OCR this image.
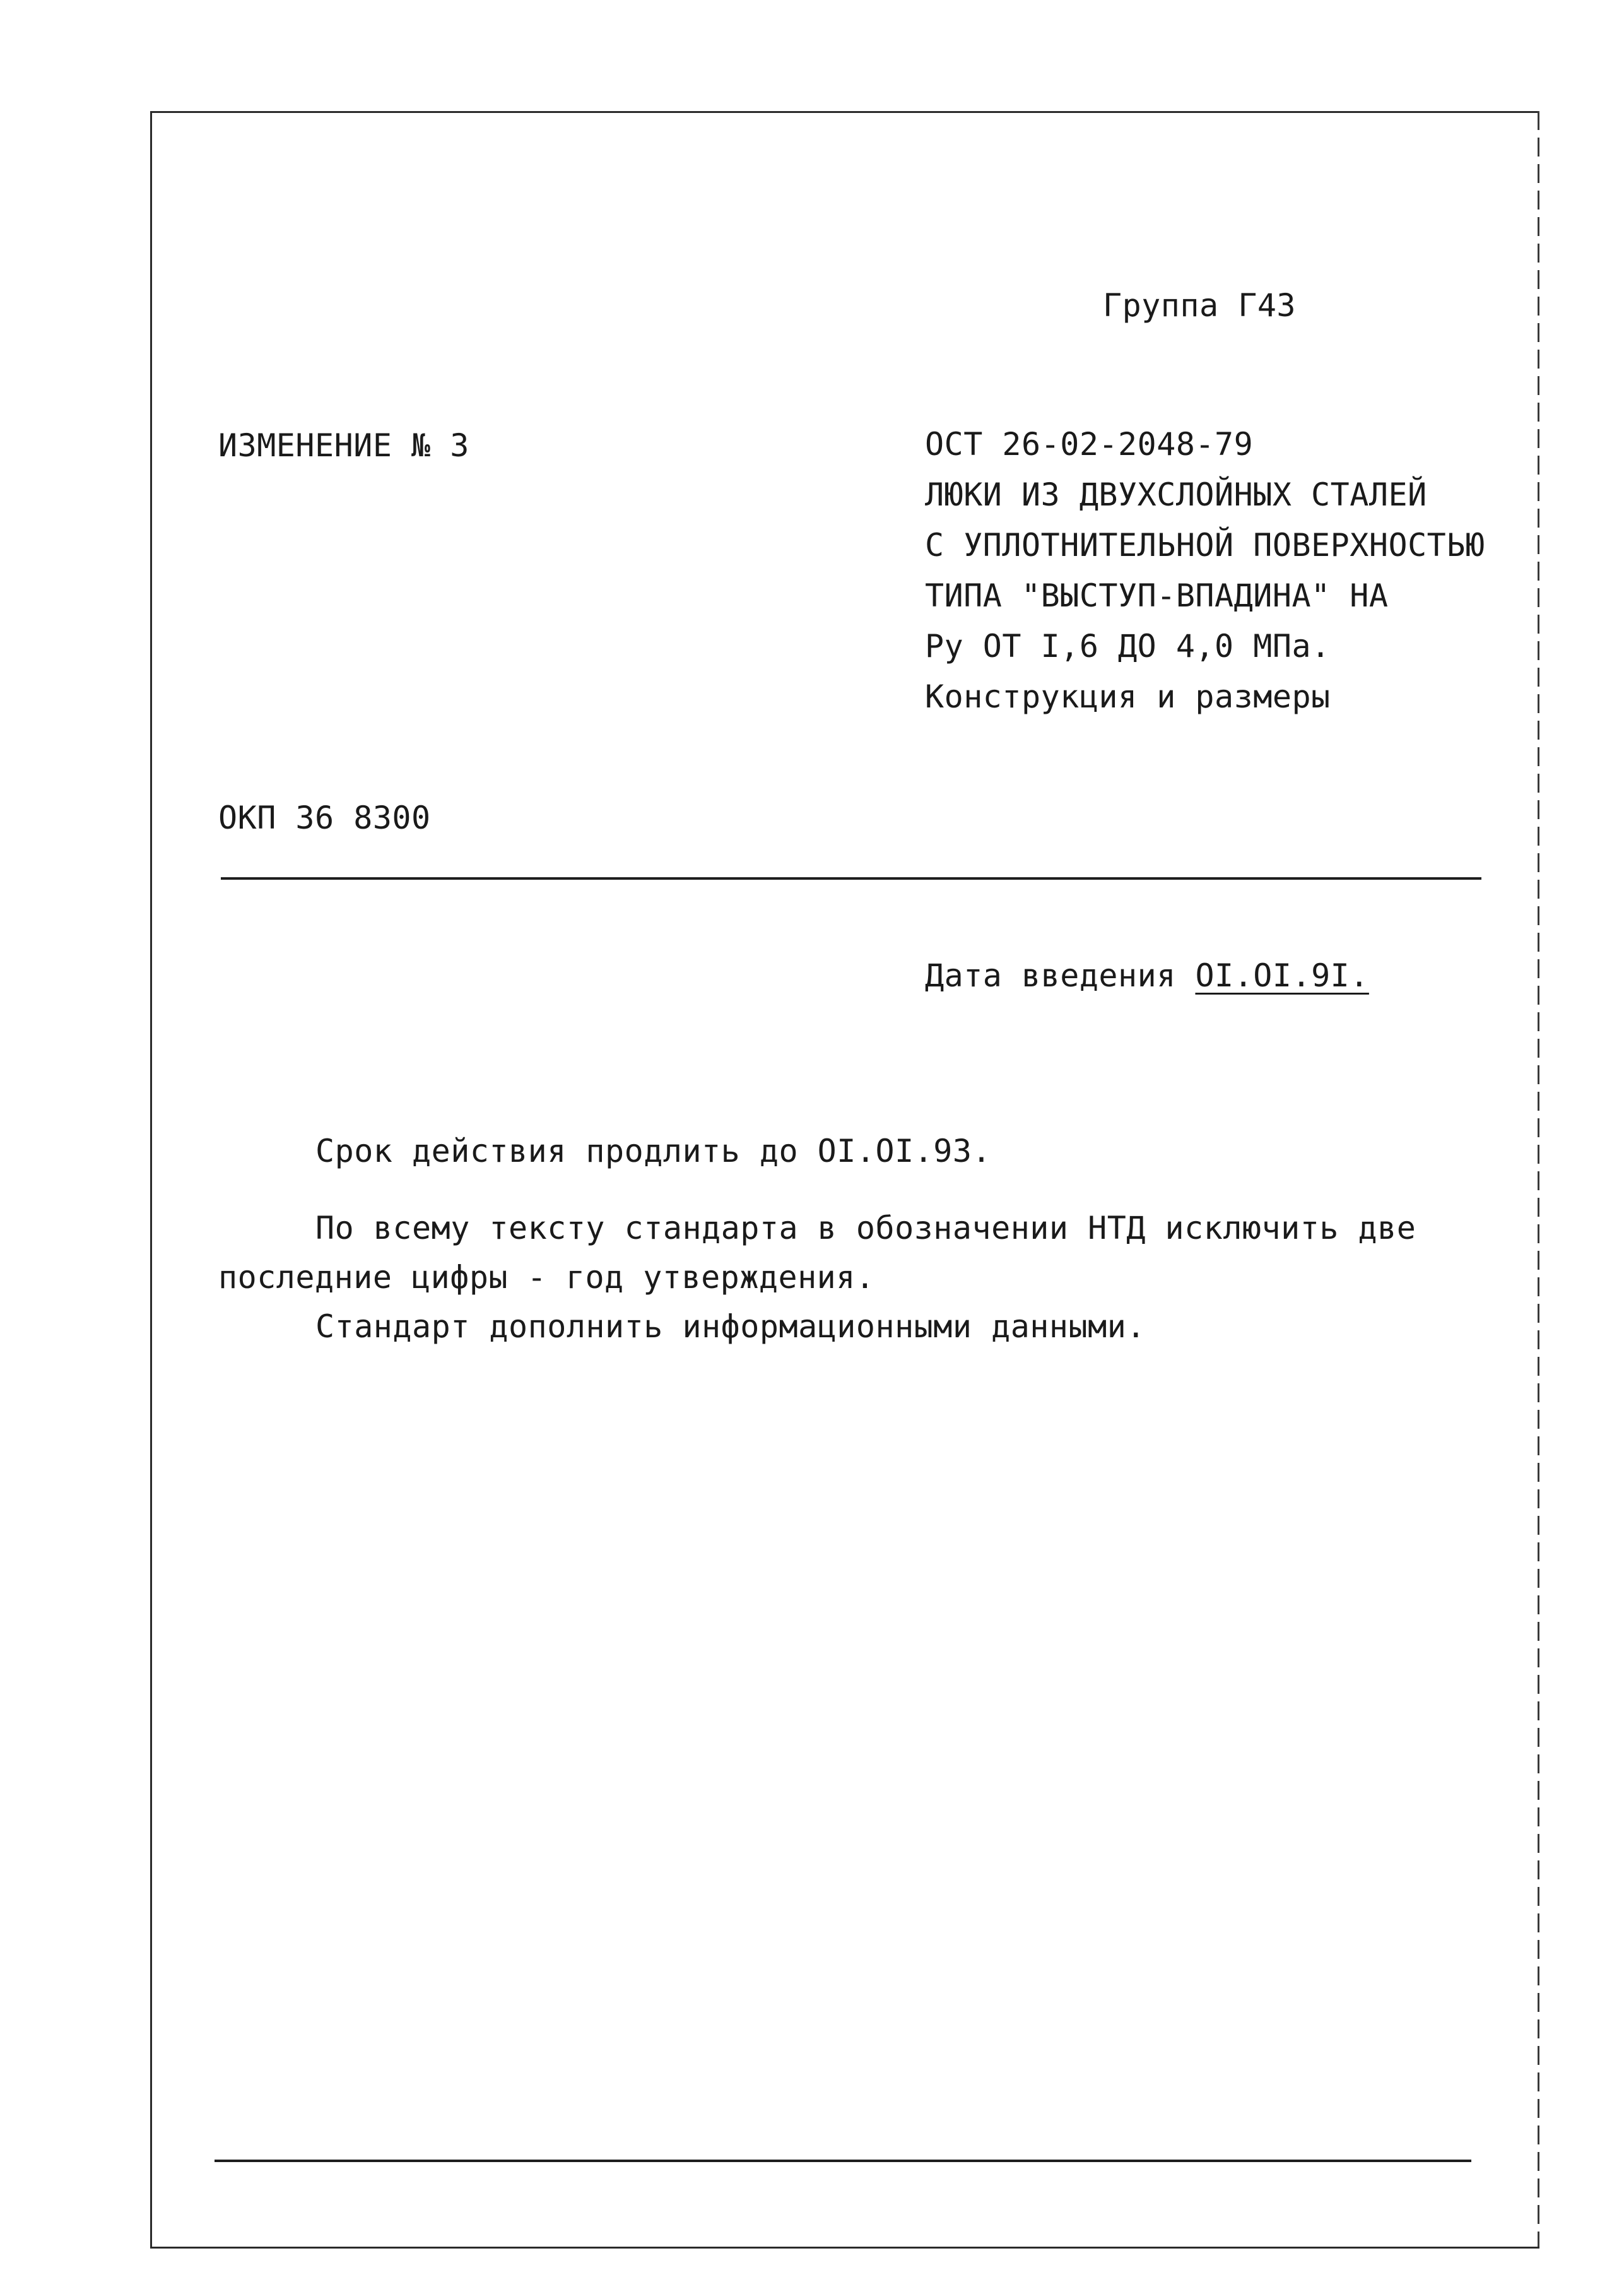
Группа Г43
ИЗМЕНЕНИЕ № 3	ОСТ 26-02-2048-79
ЛЮКИ ИЗ ДВУХСЛОЙНЫХ СТАЛЕЙ
С УПЛОТНИТЕЛЬНОЙ ПОВЕРХНОСТЬЮ
ТИПА "ВЫСТУП-ВПАДИНА" НА
Ру ОТ I,6 ДО 4,0 МПа.
Конструкция и размеры
ОКП 36 8300
Дата введения OI.OI.9I.
Срок действия продлить до OI.OI.93.
По всему тексту стандарта в обозначении НТД исключить две
последние цифры - год утверждения.
Стандарт дополнить информационными данными.
